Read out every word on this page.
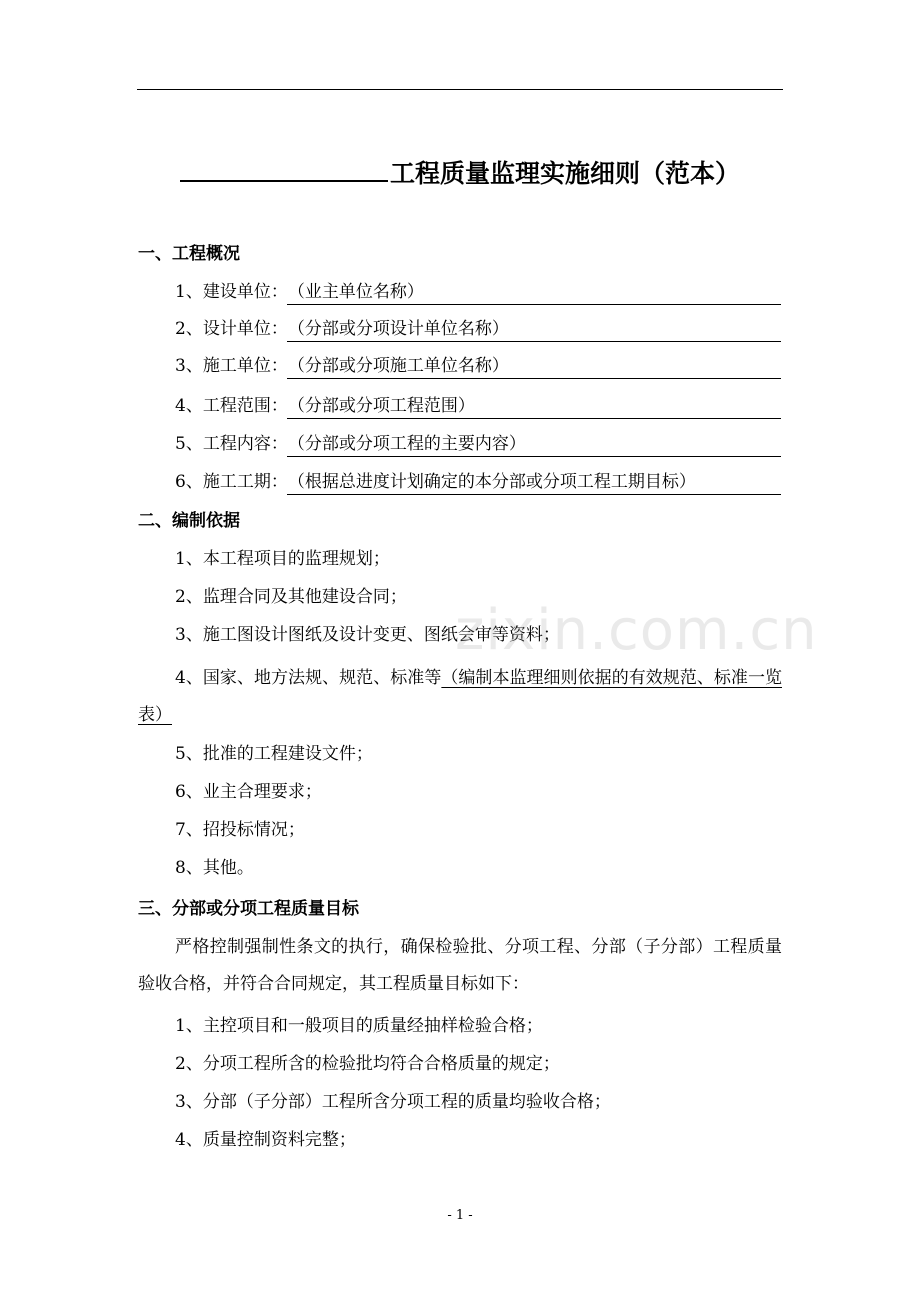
工程质量监理实施细则（范本）
一、工程概况
1、建设单位：（业主单位名称）
2、设计单位：（分部或分项设计单位名称）
3、施工单位：（分部或分项施工单位名称）
4、工程范围：（分部或分项工程范围）
5、工程内容：（分部或分项工程的主要内容）
6、施工工期：（根据总进度计划确定的本分部或分项工程工期目标）
二、编制依据
1、本工程项目的监理规划；
2、监理合同及其他建设合同；
3、施工图设计图纸及设计变更、图纸会审等资料；
4、国家、地方法规、规范、标准等（编制本监理细则依据的有效规范、标准一览表）
5、批准的工程建设文件；
6、业主合理要求；
7、招投标情况；
8、其他。
三、分部或分项工程质量目标
严格控制强制性条文的执行，确保检验批、分项工程、分部（子分部）工程质量验收合格，并符合合同规定，其工程质量目标如下：
1、主控项目和一般项目的质量经抽样检验合格；
2、分项工程所含的检验批均符合合格质量的规定；
3、分部（子分部）工程所含分项工程的质量均验收合格；
4、质量控制资料完整；
zixin.com.cn
- 1 -
